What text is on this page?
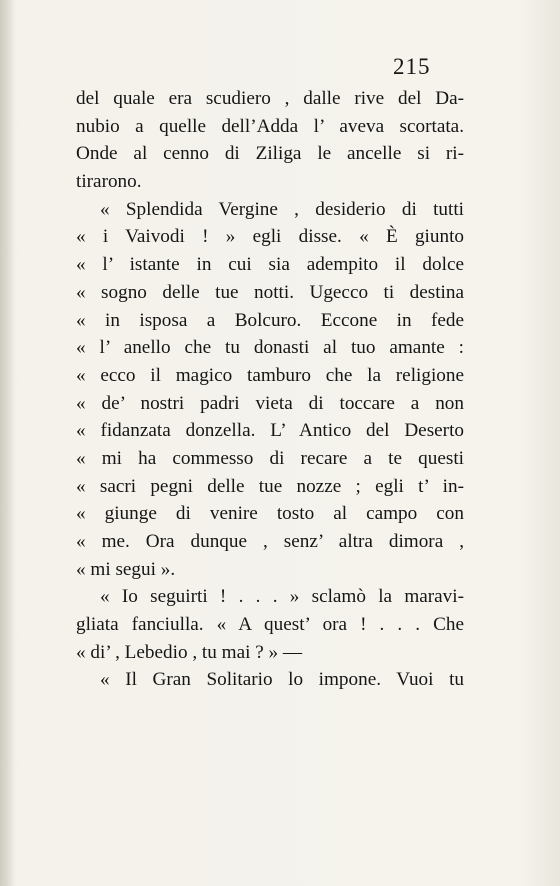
215
del quale era scudiero , dalle rive del Da-
nubio a quelle dell’Adda l’ aveva scortata.
Onde al cenno di Ziliga le ancelle si ri-
tirarono.
« Splendida Vergine , desiderio di tutti
« i Vaivodi ! » egli disse. « È giunto
« l’ istante in cui sia adempito il dolce
« sogno delle tue notti. Ugecco ti destina
« in isposa a Bolcuro. Eccone in fede
« l’ anello che tu donasti al tuo amante :
« ecco il magico tamburo che la religione
« de’ nostri padri vieta di toccare a non
« fidanzata donzella. L’ Antico del Deserto
« mi ha commesso di recare a te questi
« sacri pegni delle tue nozze ; egli t’ in-
« giunge di venire tosto al campo con
« me. Ora dunque , senz’ altra dimora ,
« mi segui ».
« Io seguirti ! . . . » sclamò la maravi-
gliata fanciulla. « A quest’ ora ! . . . Che
« di’ , Lebedio , tu mai ? » —
« Il Gran Solitario lo impone. Vuoi tu
